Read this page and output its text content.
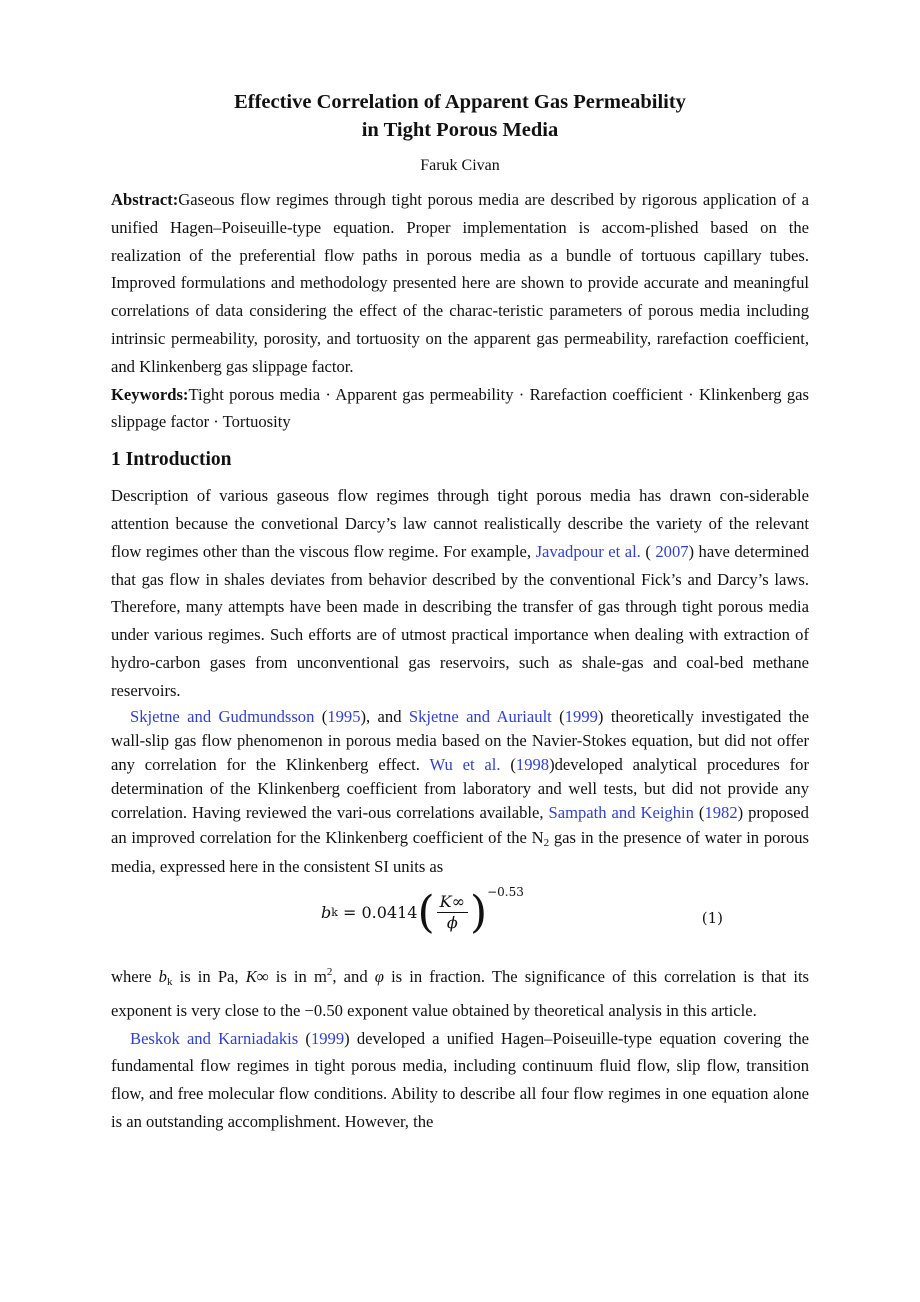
Effective Correlation of Apparent Gas Permeability
in Tight Porous Media
Faruk Civan
Abstract:Gaseous flow regimes through tight porous media are described by rigorous application of a unified Hagen–Poiseuille-type equation. Proper implementation is accom-plished based on the realization of the preferential flow paths in porous media as a bundle of tortuous capillary tubes. Improved formulations and methodology presented here are shown to provide accurate and meaningful correlations of data considering the effect of the charac-teristic parameters of porous media including intrinsic permeability, porosity, and tortuosity on the apparent gas permeability, rarefaction coefficient, and Klinkenberg gas slippage factor.
Keywords:Tight porous media · Apparent gas permeability · Rarefaction coefficient · Klinkenberg gas slippage factor · Tortuosity
1 Introduction
Description of various gaseous flow regimes through tight porous media has drawn con-siderable attention because the convetional Darcy’s law cannot realistically describe the variety of the relevant flow regimes other than the viscous flow regime. For example, Javadpour et al. ( 2007) have determined that gas flow in shales deviates from behavior described by the conventional Fick’s and Darcy’s laws. Therefore, many attempts have been made in describing the transfer of gas through tight porous media under various regimes. Such efforts are of utmost practical importance when dealing with extraction of hydro-carbon gases from unconventional gas reservoirs, such as shale-gas and coal-bed methane reservoirs.
Skjetne and Gudmundsson (1995), and Skjetne and Auriault (1999) theoretically investigated the wall-slip gas flow phenomenon in porous media based on the Navier-Stokes equation, but did not offer any correlation for the Klinkenberg effect. Wu et al. (1998)developed analytical procedures for determination of the Klinkenberg coefficient from laboratory and well tests, but did not provide any correlation. Having reviewed the vari-ous correlations available, Sampath and Keighin (1982) proposed an improved correlation for the Klinkenberg coefficient of the $N_2$ gas in the presence of water in porous media, expressed here in the consistent SI units as
b k = 0.0414 ( $\frac{K\infty}{\phi}$ ) −0.53
(1)
where $b_k$ is in Pa, K∞ is in $m^2$, and φ is in fraction. The significance of this correlation is that its exponent is very close to the −0.50 exponent value obtained by theoretical analysis in this article.
Beskok and Karniadakis (1999) developed a unified Hagen–Poiseuille-type equation covering the fundamental flow regimes in tight porous media, including continuum fluid flow, slip flow, transition flow, and free molecular flow conditions. Ability to describe all four flow regimes in one equation alone is an outstanding accomplishment. However, the
